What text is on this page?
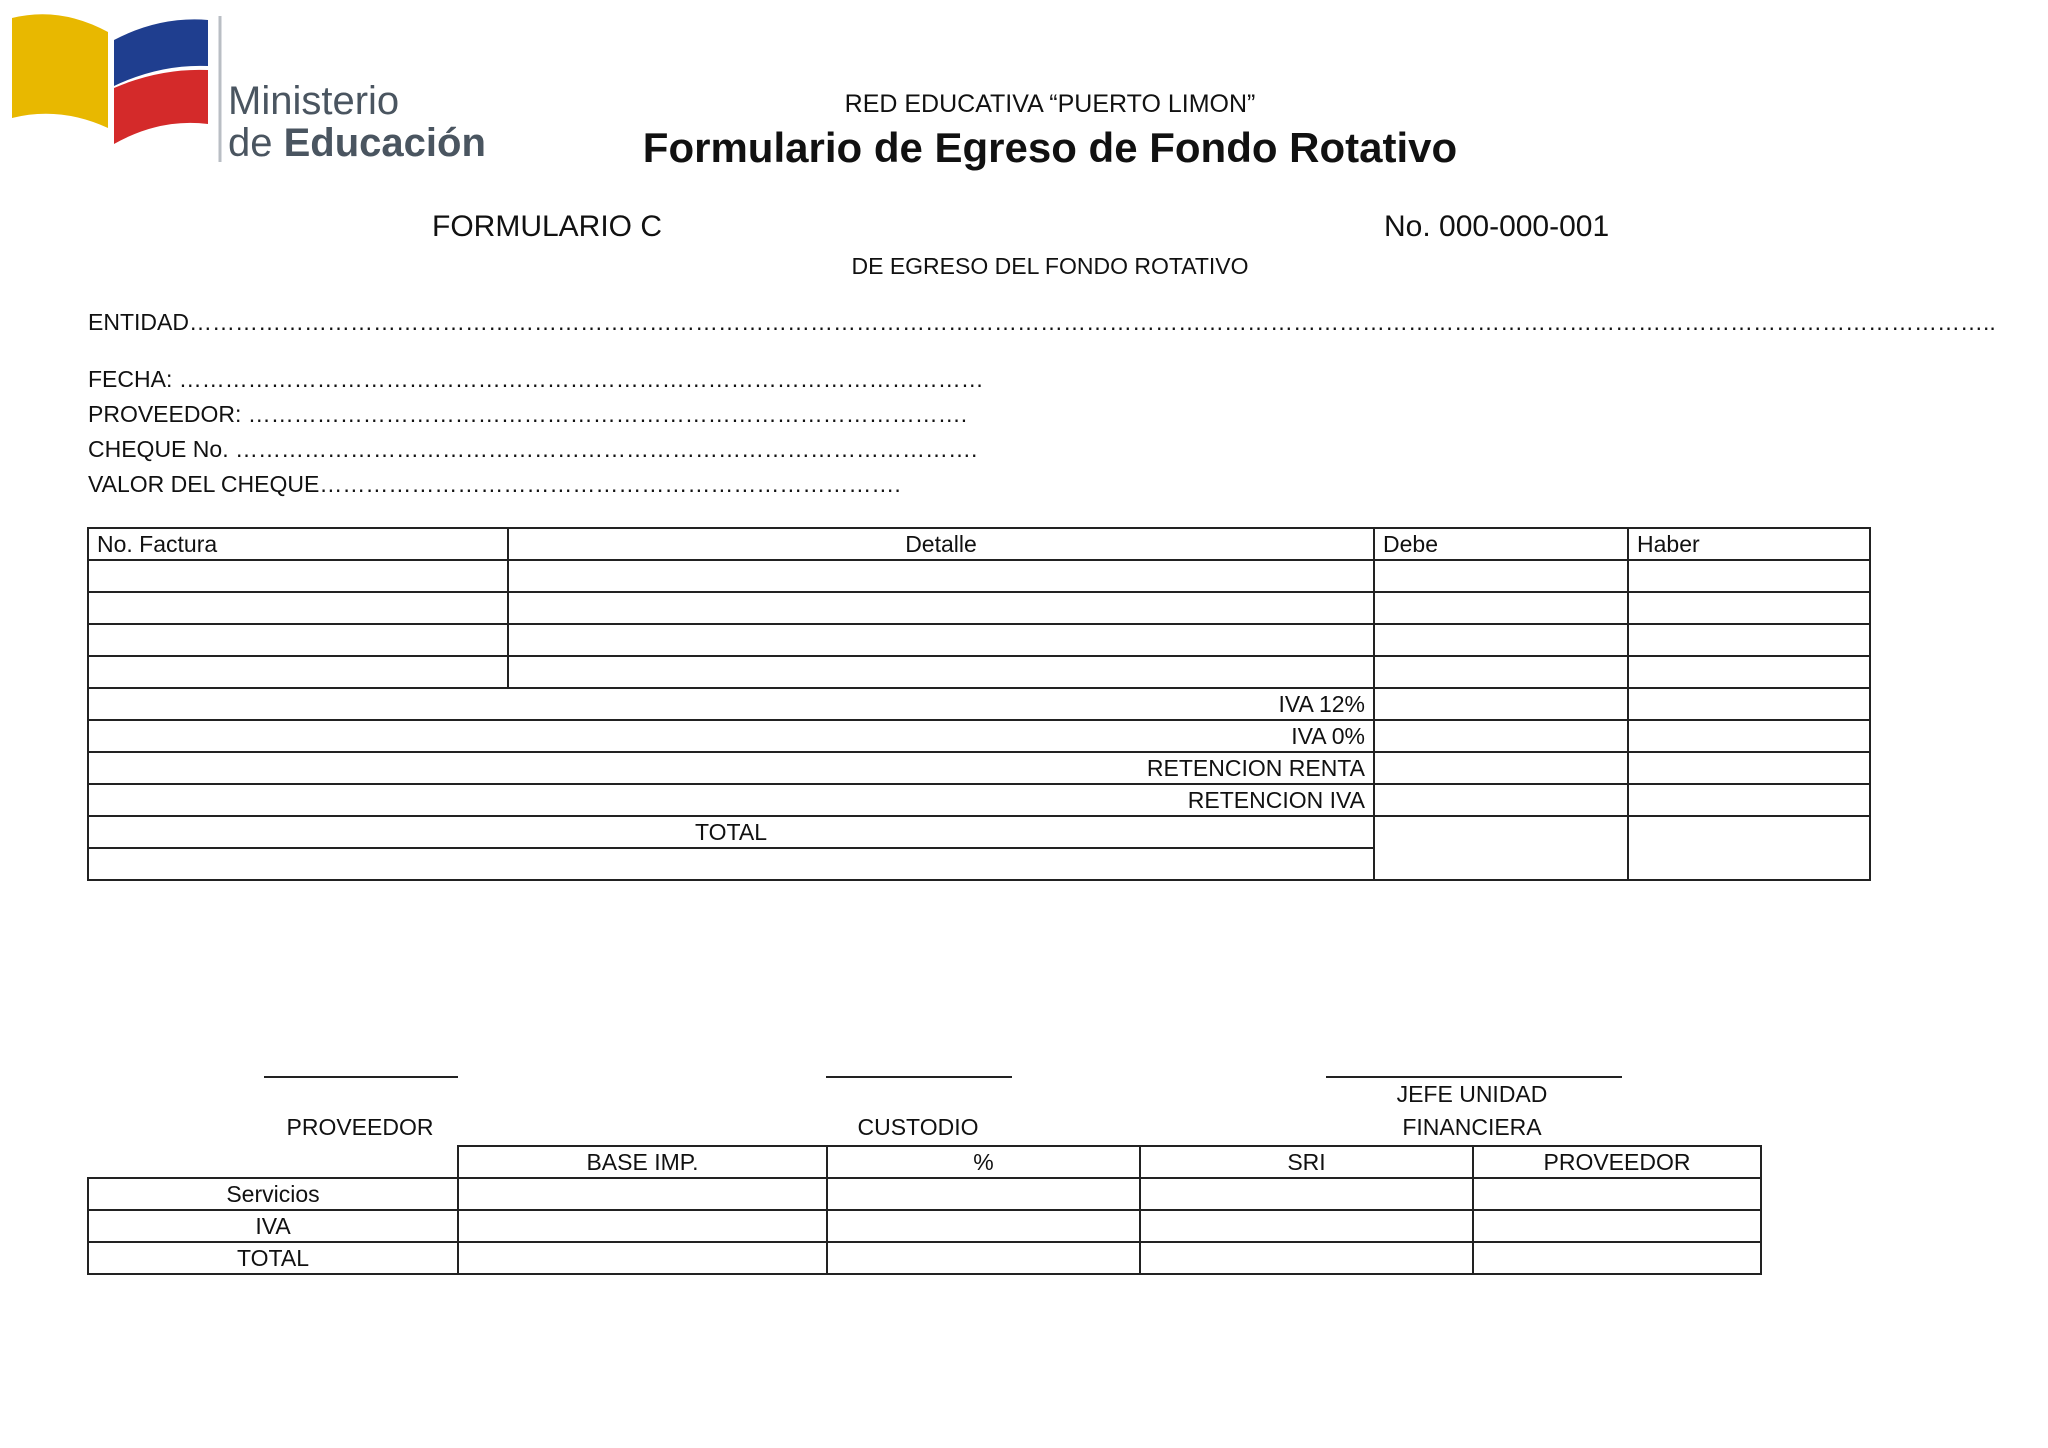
Ministerio
de Educación
RED EDUCATIVA “PUERTO LIMON”
Formulario de Egreso de Fondo Rotativo
FORMULARIO C	No. 000-000-001
DE EGRESO DEL FONDO ROTATIVO
ENTIDAD………………………………………………………………………………………………………………………………………………………………………………………………………………..
FECHA: ……………………………………………………………………………………………
PROVEEDOR: ………………………………………………………………………………….
CHEQUE No. …………………………………………………………………………………….
VALOR DEL CHEQUE………………………………………………………………….
No. Factura	Detalle	Debe	Haber

IVA 12%			
IVA 0%			
RETENCION RENTA			
RETENCION IVA			
TOTAL			

PROVEEDOR	CUSTODIO
JEFE UNIDAD
FINANCIERA
	BASE IMP.	%	SRI	PROVEEDOR
Servicios				
IVA				
TOTAL				
